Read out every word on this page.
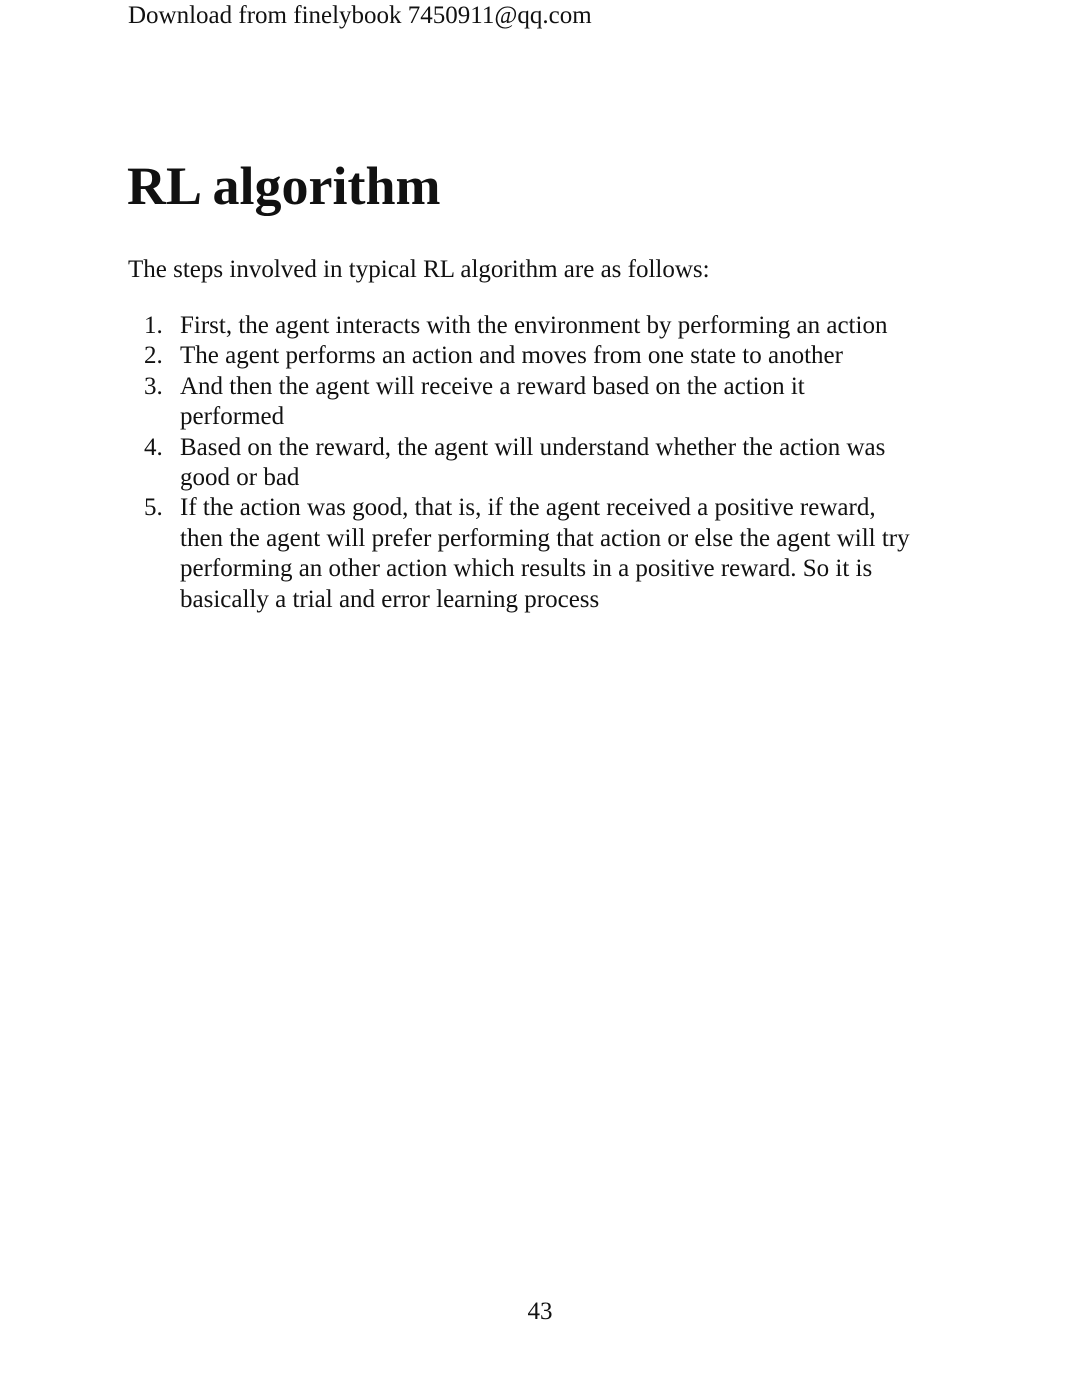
Download from finelybook 7450911@qq.com
RL algorithm

The steps involved in typical RL algorithm are as follows:

1. First, the agent interacts with the environment by performing an action
2. The agent performs an action and moves from one state to another
3. And then the agent will receive a reward based on the action it
performed
4. Based on the reward, the agent will understand whether the action was
good or bad
5. If the action was good, that is, if the agent received a positive reward,
then the agent will prefer performing that action or else the agent will try
performing an other action which results in a positive reward. So it is
basically a trial and error learning process
43
